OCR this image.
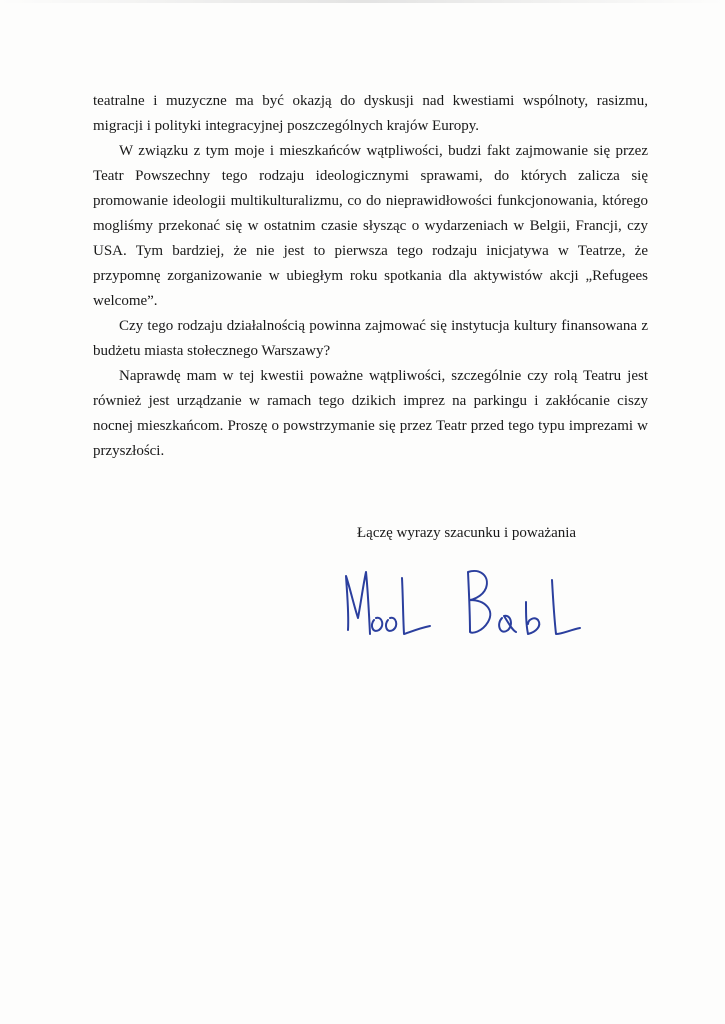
teatralne i muzyczne ma być okazją do dyskusji nad kwestiami wspólnoty, rasizmu, migracji i polityki integracyjnej poszczególnych krajów Europy.

W związku z tym moje i mieszkańców wątpliwości, budzi fakt zajmowanie się przez Teatr Powszechny tego rodzaju ideologicznymi sprawami, do których zalicza się promowanie ideologii multikulturalizmu, co do nieprawidłowości funkcjonowania, którego mogliśmy przekonać się w ostatnim czasie słysząc o wydarzeniach w Belgii, Francji, czy USA. Tym bardziej, że nie jest to pierwsza tego rodzaju inicjatywa w Teatrze, że przypomnę zorganizowanie w ubiegłym roku spotkania dla aktywistów akcji „Refugees welcome”.

Czy tego rodzaju działalnością powinna zajmować się instytucja kultury finansowana z budżetu miasta stołecznego Warszawy?

Naprawdę mam w tej kwestii poważne wątpliwości, szczególnie czy rolą Teatru jest również jest urządzanie w ramach tego dzikich imprez na parkingu i zakłócanie ciszy nocnej mieszkańcom. Proszę o powstrzymanie się przez Teatr przed tego typu imprezami w przyszłości.

Łączę wyrazy szacunku i poważania
